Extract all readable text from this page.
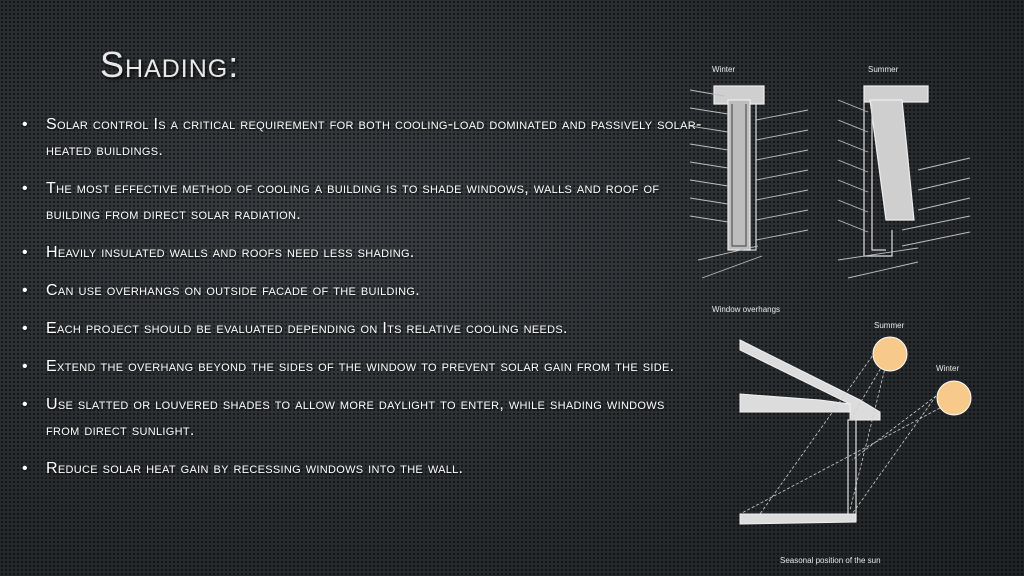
Shading:
• Solar control Is a critical requirement for both cooling-load dominated and passively solar-heated buildings.
• The most effective method of cooling a building is to shade windows, walls and roof of building from direct solar radiation.
• Heavily insulated walls and roofs need less shading.
• Can use overhangs on outside facade of the building.
• Each project should be evaluated depending on Its relative cooling needs.
• Extend the overhang beyond the sides of the window to prevent solar gain from the side.
• Use slatted or louvered shades to allow more daylight to enter, while shading windows from direct sunlight.
• Reduce solar heat gain by recessing windows into the wall.
Winter	Summer
Window overhangs
Summer
Winter
Seasonal position of the sun
